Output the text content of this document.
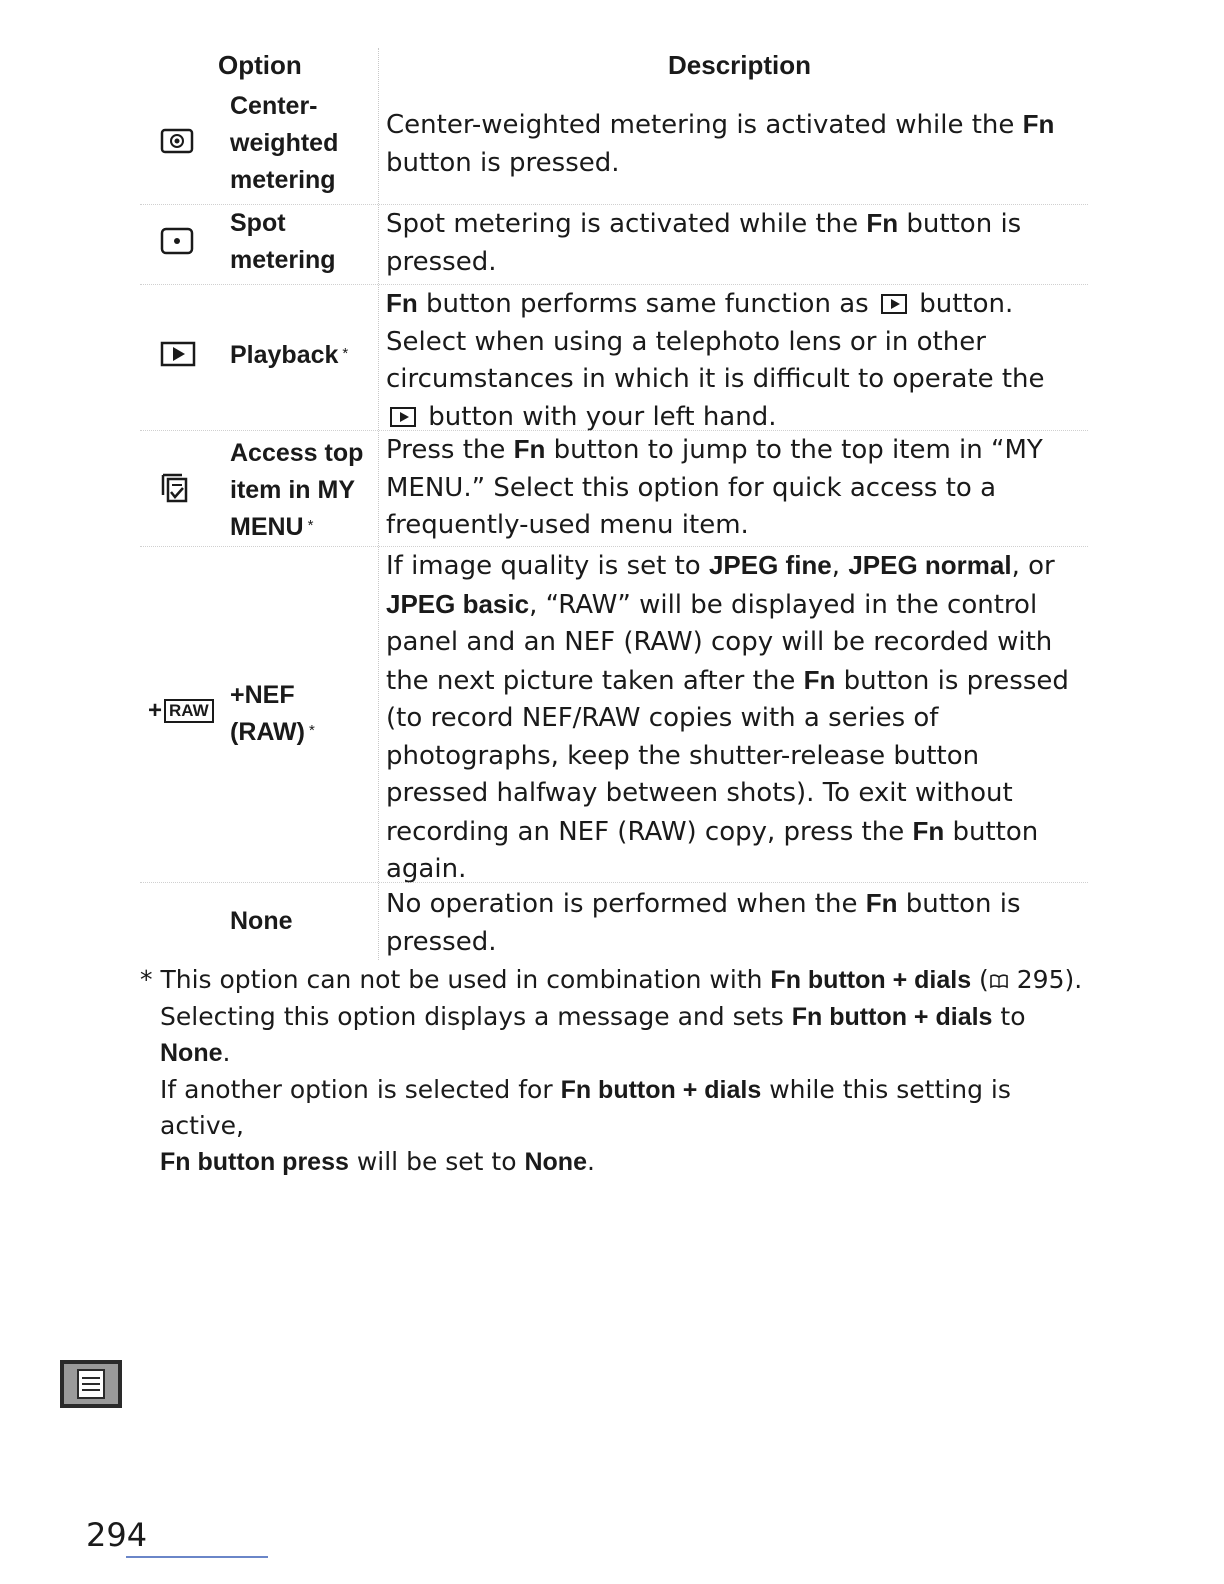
Option	Description
Center-
weighted
metering
Center-weighted metering is activated while the Fn button is pressed.
Spot
metering
Spot metering is activated while the Fn button is pressed.
Playback *
Fn button performs same function as  button. Select when using a telephoto lens or in other circumstances in which it is difficult to operate the  button with your left hand.
Access top
item in MY
MENU *
Press the Fn button to jump to the top item in “MY MENU.” Select this option for quick access to a frequently-used menu item.
+ RAW
+NEF
(RAW) *
If image quality is set to JPEG fine, JPEG normal, or JPEG basic, “RAW” will be displayed in the control panel and an NEF (RAW) copy will be recorded with the next picture taken after the Fn button is pressed (to record NEF/RAW copies with a series of photographs, keep the shutter-release button pressed halfway between shots). To exit without recording an NEF (RAW) copy, press the Fn button again.
None
No operation is performed when the Fn button is pressed.
* This option can not be used in combination with Fn button + dials ( 295).
Selecting this option displays a message and sets Fn button + dials to None.
If another option is selected for Fn button + dials while this setting is active,
Fn button press will be set to None.
294
